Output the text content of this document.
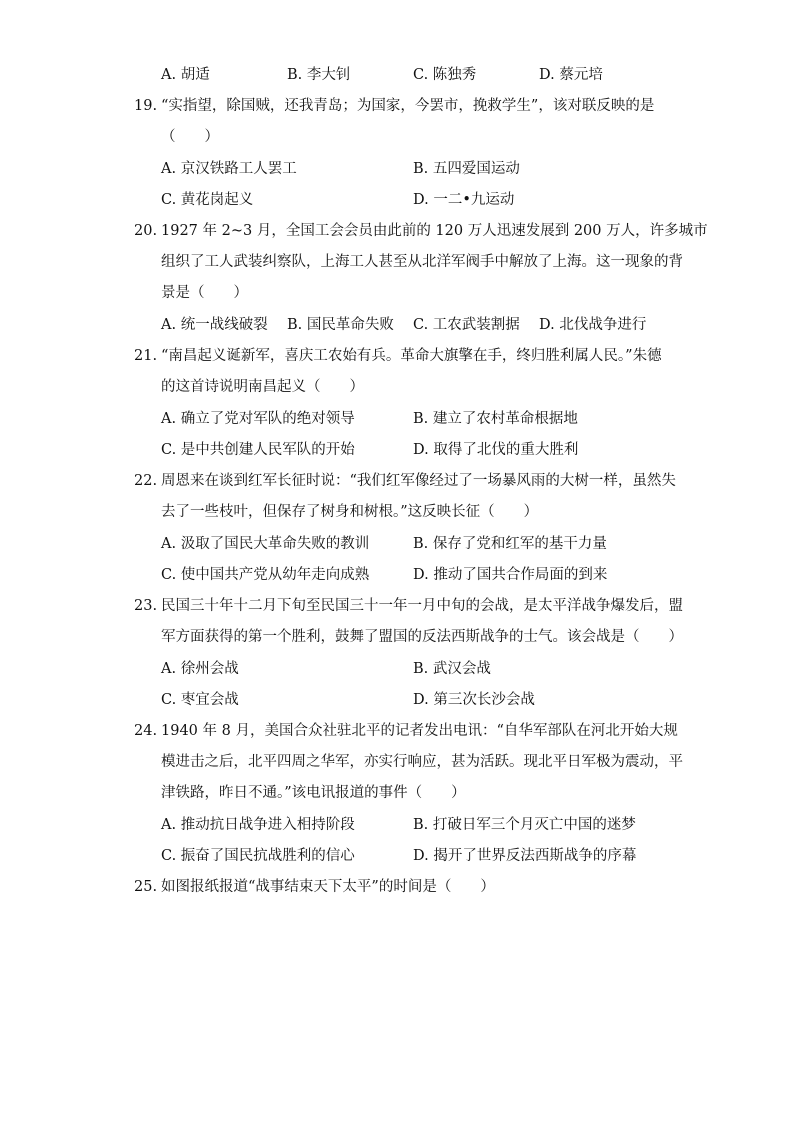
A. 胡适	B. 李大钊	C. 陈独秀	D. 蔡元培
19. “实指望，除国贼，还我青岛；为国家，今罢市，挽救学生”，该对联反映的是
（　　）
A. 京汉铁路工人罢工	B. 五四爱国运动
C. 黄花岗起义	D. 一二•九运动
20. 1927 年 2~3 月，全国工会会员由此前的 120 万人迅速发展到 200 万人，许多城市
组织了工人武装纠察队，上海工人甚至从北洋军阀手中解放了上海。这一现象的背
景是（　　）
A. 统一战线破裂 B. 国民革命失败 C. 工农武装割据 D. 北伐战争进行
21. “南昌起义诞新军，喜庆工农始有兵。革命大旗擎在手，终归胜利属人民。”朱德
的这首诗说明南昌起义（　　）
A. 确立了党对军队的绝对领导	B. 建立了农村革命根据地
C. 是中共创建人民军队的开始	D. 取得了北伐的重大胜利
22. 周恩来在谈到红军长征时说：“我们红军像经过了一场暴风雨的大树一样，虽然失
去了一些枝叶，但保存了树身和树根。”这反映长征（　　）
A. 汲取了国民大革命失败的教训	B. 保存了党和红军的基干力量
C. 使中国共产党从幼年走向成熟	D. 推动了国共合作局面的到来
23. 民国三十年十二月下旬至民国三十一年一月中旬的会战，是太平洋战争爆发后，盟
军方面获得的第一个胜利，鼓舞了盟国的反法西斯战争的士气。该会战是（　　）
A. 徐州会战	B. 武汉会战
C. 枣宜会战	D. 第三次长沙会战
24. 1940 年 8 月，美国合众社驻北平的记者发出电讯：“自华军部队在河北开始大规
模进击之后，北平四周之华军，亦实行响应，甚为活跃。现北平日军极为震动，平
津铁路，昨日不通。”该电讯报道的事件（　　）
A. 推动抗日战争进入相持阶段	B. 打破日军三个月灭亡中国的迷梦
C. 振奋了国民抗战胜利的信心	D. 揭开了世界反法西斯战争的序幕
25. 如图报纸报道“战事结束天下太平”的时间是（　　）
